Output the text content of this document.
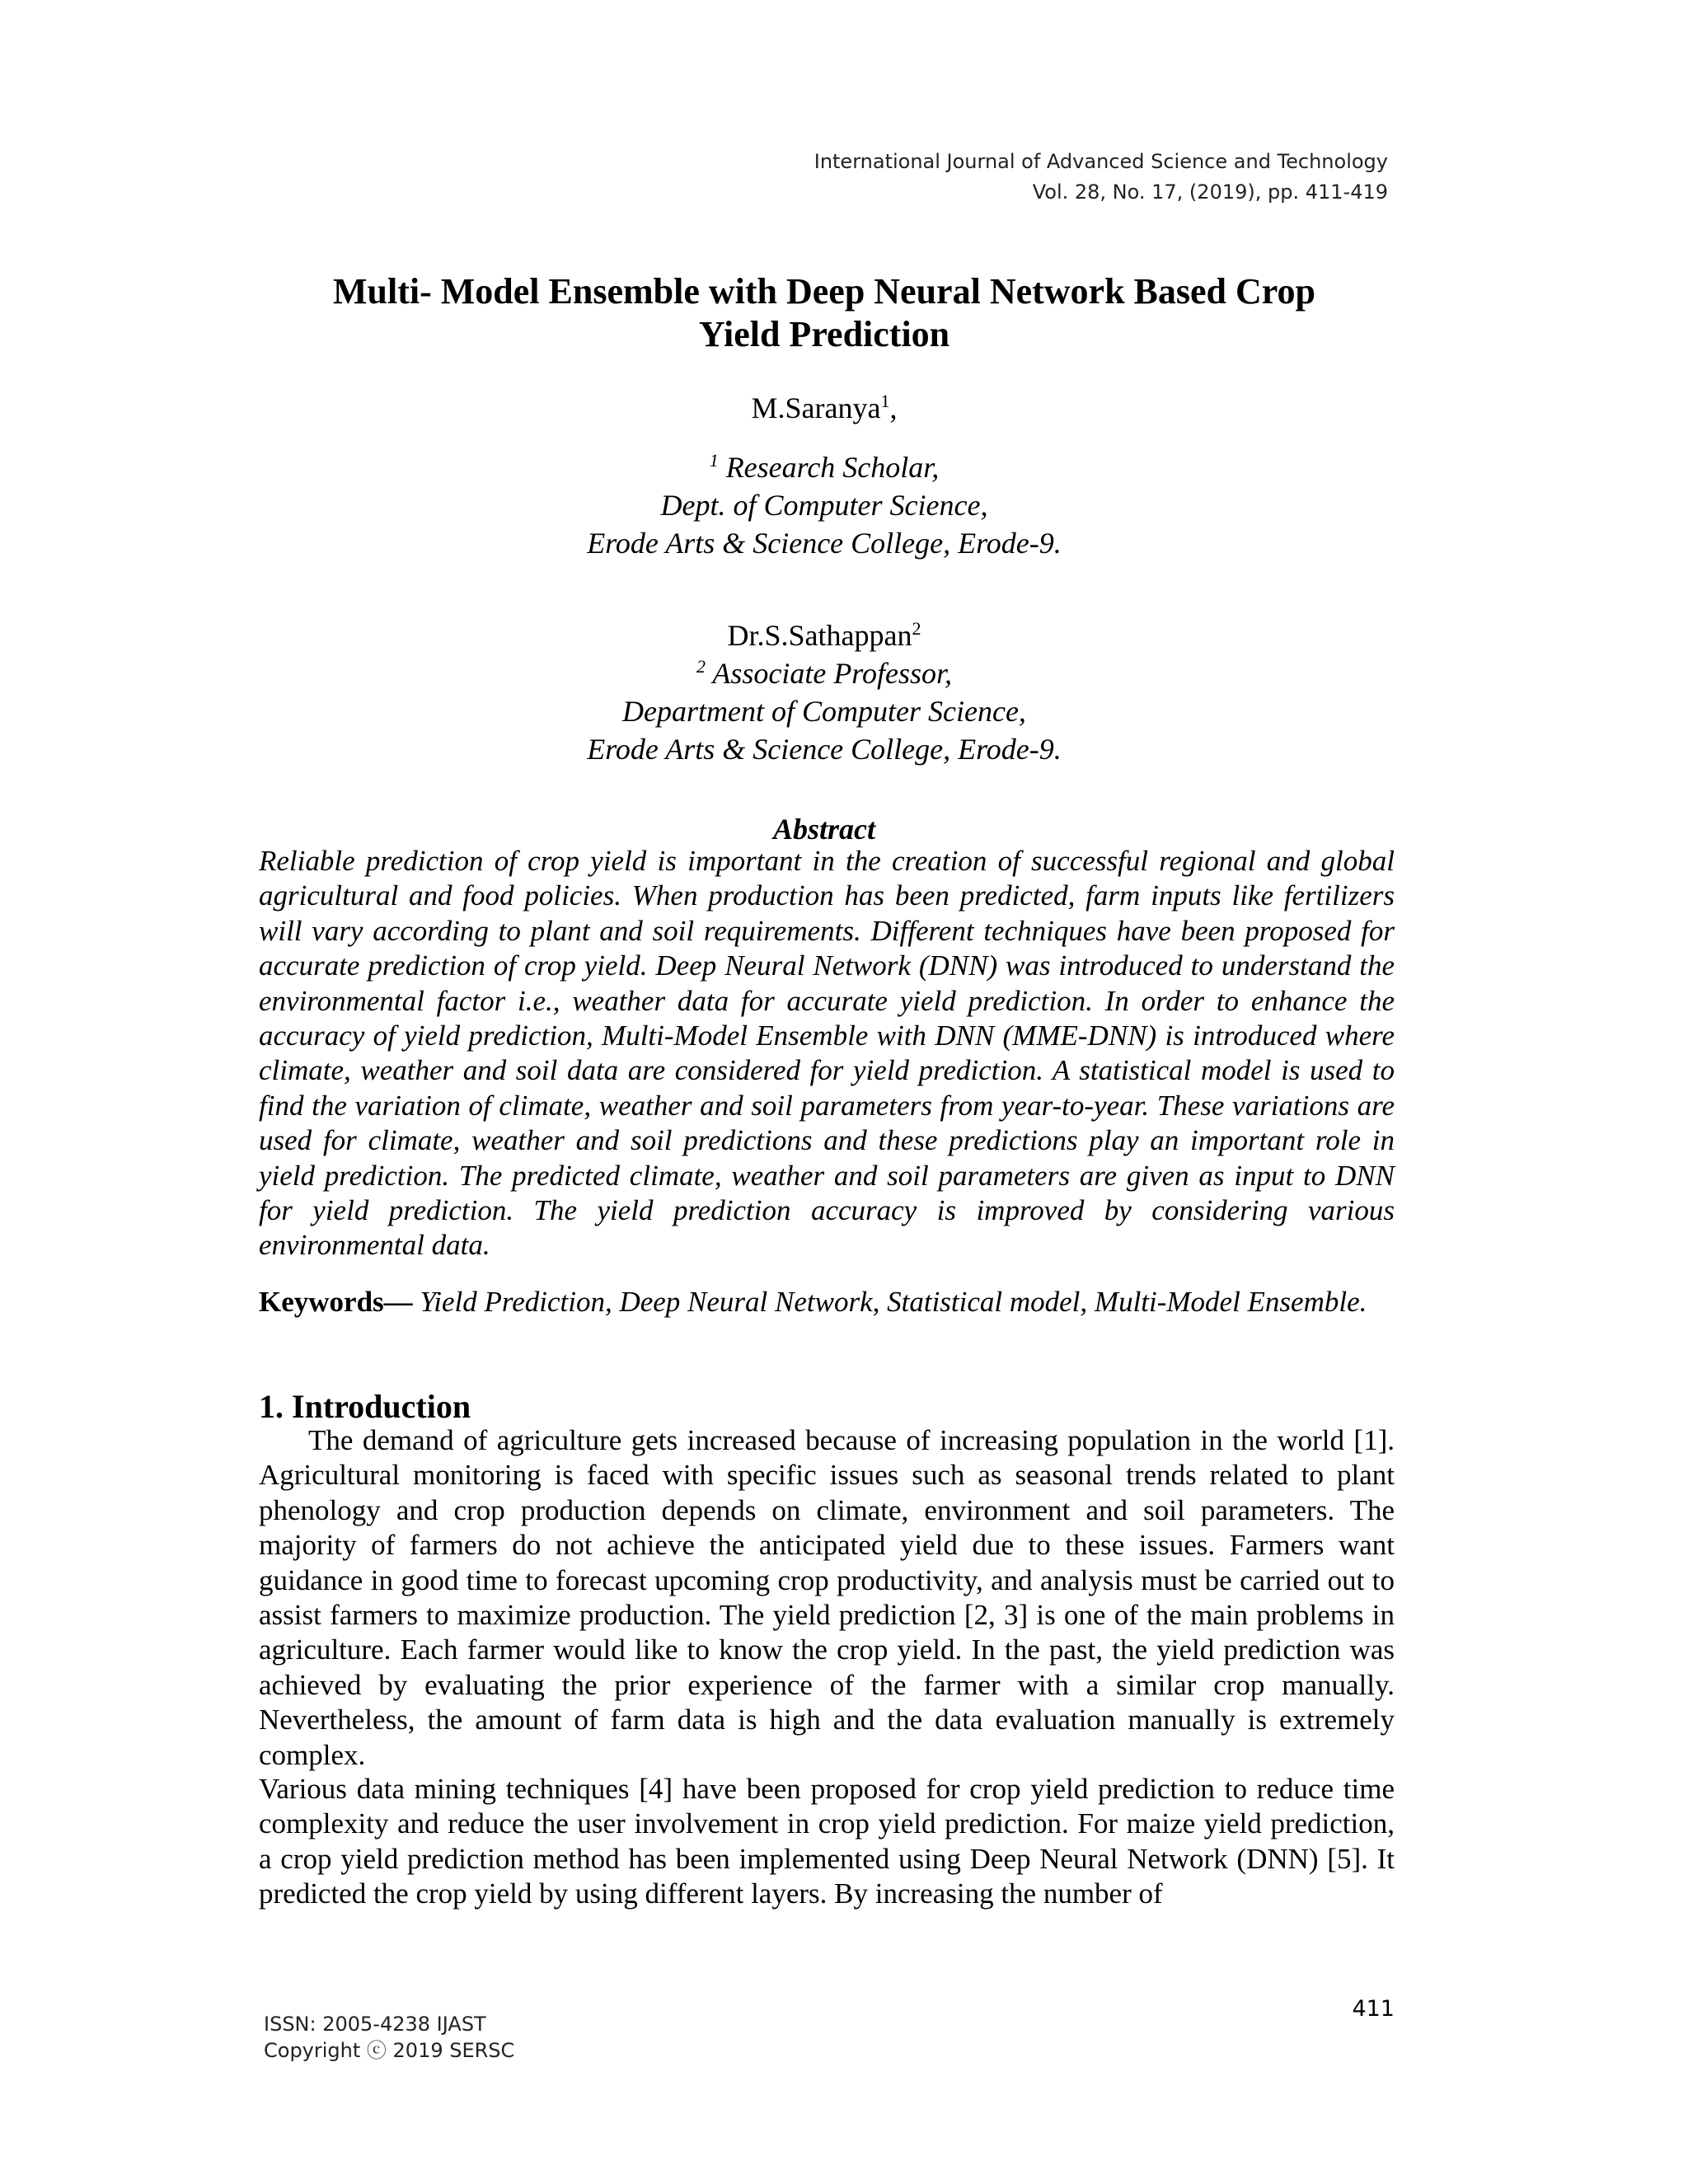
International Journal of Advanced Science and Technology
Vol. 28, No. 17, (2019), pp. 411-419
Multi- Model Ensemble with Deep Neural Network Based Crop
Yield Prediction
M.Saranya$^1$,
$^1$ Research Scholar,
Dept. of Computer Science,
Erode Arts & Science College, Erode-9.
Dr.S.Sathappan$^2$
$^2$ Associate Professor,
Department of Computer Science,
Erode Arts & Science College, Erode-9.
Abstract
Reliable prediction of crop yield is important in the creation of successful regional and global agricultural and food policies. When production has been predicted, farm inputs like fertilizers will vary according to plant and soil requirements. Different techniques have been proposed for accurate prediction of crop yield. Deep Neural Network (DNN) was introduced to understand the environmental factor i.e., weather data for accurate yield prediction. In order to enhance the accuracy of yield prediction, Multi-Model Ensemble with DNN (MME-DNN) is introduced where climate, weather and soil data are considered for yield prediction. A statistical model is used to find the variation of climate, weather and soil parameters from year-to-year. These variations are used for climate, weather and soil predictions and these predictions play an important role in yield prediction. The predicted climate, weather and soil parameters are given as input to DNN for yield prediction. The yield prediction accuracy is improved by considering various environmental data.
Keywords— Yield Prediction, Deep Neural Network, Statistical model, Multi-Model Ensemble.
1. Introduction
The demand of agriculture gets increased because of increasing population in the world [1]. Agricultural monitoring is faced with specific issues such as seasonal trends related to plant phenology and crop production depends on climate, environment and soil parameters. The majority of farmers do not achieve the anticipated yield due to these issues. Farmers want guidance in good time to forecast upcoming crop productivity, and analysis must be carried out to assist farmers to maximize production. The yield prediction [2, 3] is one of the main problems in agriculture. Each farmer would like to know the crop yield. In the past, the yield prediction was achieved by evaluating the prior experience of the farmer with a similar crop manually. Nevertheless, the amount of farm data is high and the data evaluation manually is extremely complex.
Various data mining techniques [4] have been proposed for crop yield prediction to reduce time complexity and reduce the user involvement in crop yield prediction. For maize yield prediction, a crop yield prediction method has been implemented using Deep Neural Network (DNN) [5]. It predicted the crop yield by using different layers. By increasing the number of
ISSN: 2005-4238 IJAST
Copyright ⓒ 2019 SERSC
411
